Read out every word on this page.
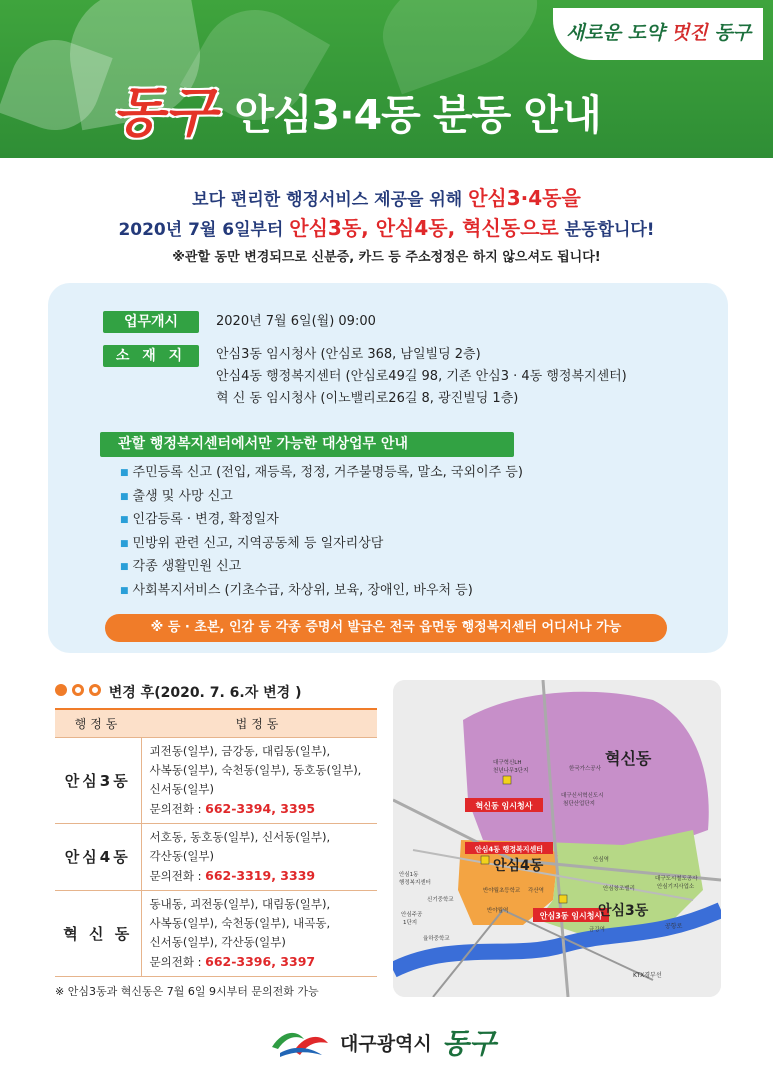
새로운 도약 멋진 동구
동구 안심3·4동 분동 안내
보다 편리한 행정서비스 제공을 위해 안심3·4동을
2020년 7월 6일부터 안심3동, 안심4동, 혁신동으로 분동합니다!
※관할 동만 변경되므로 신분증, 카드 등 주소정정은 하지 않으셔도 됩니다!
업무개시	2020년 7월 6일(월) 09:00
소 재 지	안심3동 임시청사 (안심로 368, 남일빌딩 2층)
안심4동 행정복지센터 (안심로49길 98, 기존 안심3 · 4동 행정복지센터)
혁 신 동 임시청사 (이노밸리로26길 8, 광진빌딩 1층)
관할 행정복지센터에서만 가능한 대상업무 안내
■ 주민등록 신고 (전입, 재등록, 정정, 거주불명등록, 말소, 국외이주 등)
■ 출생 및 사망 신고
■ 인감등록 · 변경, 확정일자
■ 민방위 관련 신고, 지역공동체 등 일자리상담
■ 각종 생활민원 신고
■ 사회복지서비스 (기초수급, 차상위, 보육, 장애인, 바우처 등)
※ 등 · 초본, 인감 등 각종 증명서 발급은 전국 읍면동 행정복지센터 어디서나 가능

변경 후(2020. 7. 6.자 변경 )
행정동	법정동
안심3동	괴전동(일부), 금강동, 대림동(일부),
사복동(일부), 숙천동(일부), 동호동(일부),
신서동(일부)
문의전화 : 662-3394, 3395

안심4동	서호동, 동호동(일부), 신서동(일부),
각산동(일부)
문의전화 : 662-3319, 3339

혁 신 동	동내동, 괴전동(일부), 대림동(일부),
사복동(일부), 숙천동(일부), 내곡동,
신서동(일부), 각산동(일부)
문의전화 : 662-3396, 3397
※ 안심3동과 혁신동은 7월 6일 9시부터 문의전화 가능
혁신동 임시청사
안심4동 행정복지센터
안심3동 임시청사
혁신동
안심4동
안심3동
대구혁신LH
천년나무3단지	한국가스공사
대구신서혁신도시
첨단산업단지
안심1동
행정복지센터
신기중학교
안심주공
1단지
율하중학교
반야월초등학교
반야월역
각산역
안심역
안심창조밸리
금강역
대구도시철도공사
안심기지사업소
공항로
KTX경부선
대구광역시 동구
